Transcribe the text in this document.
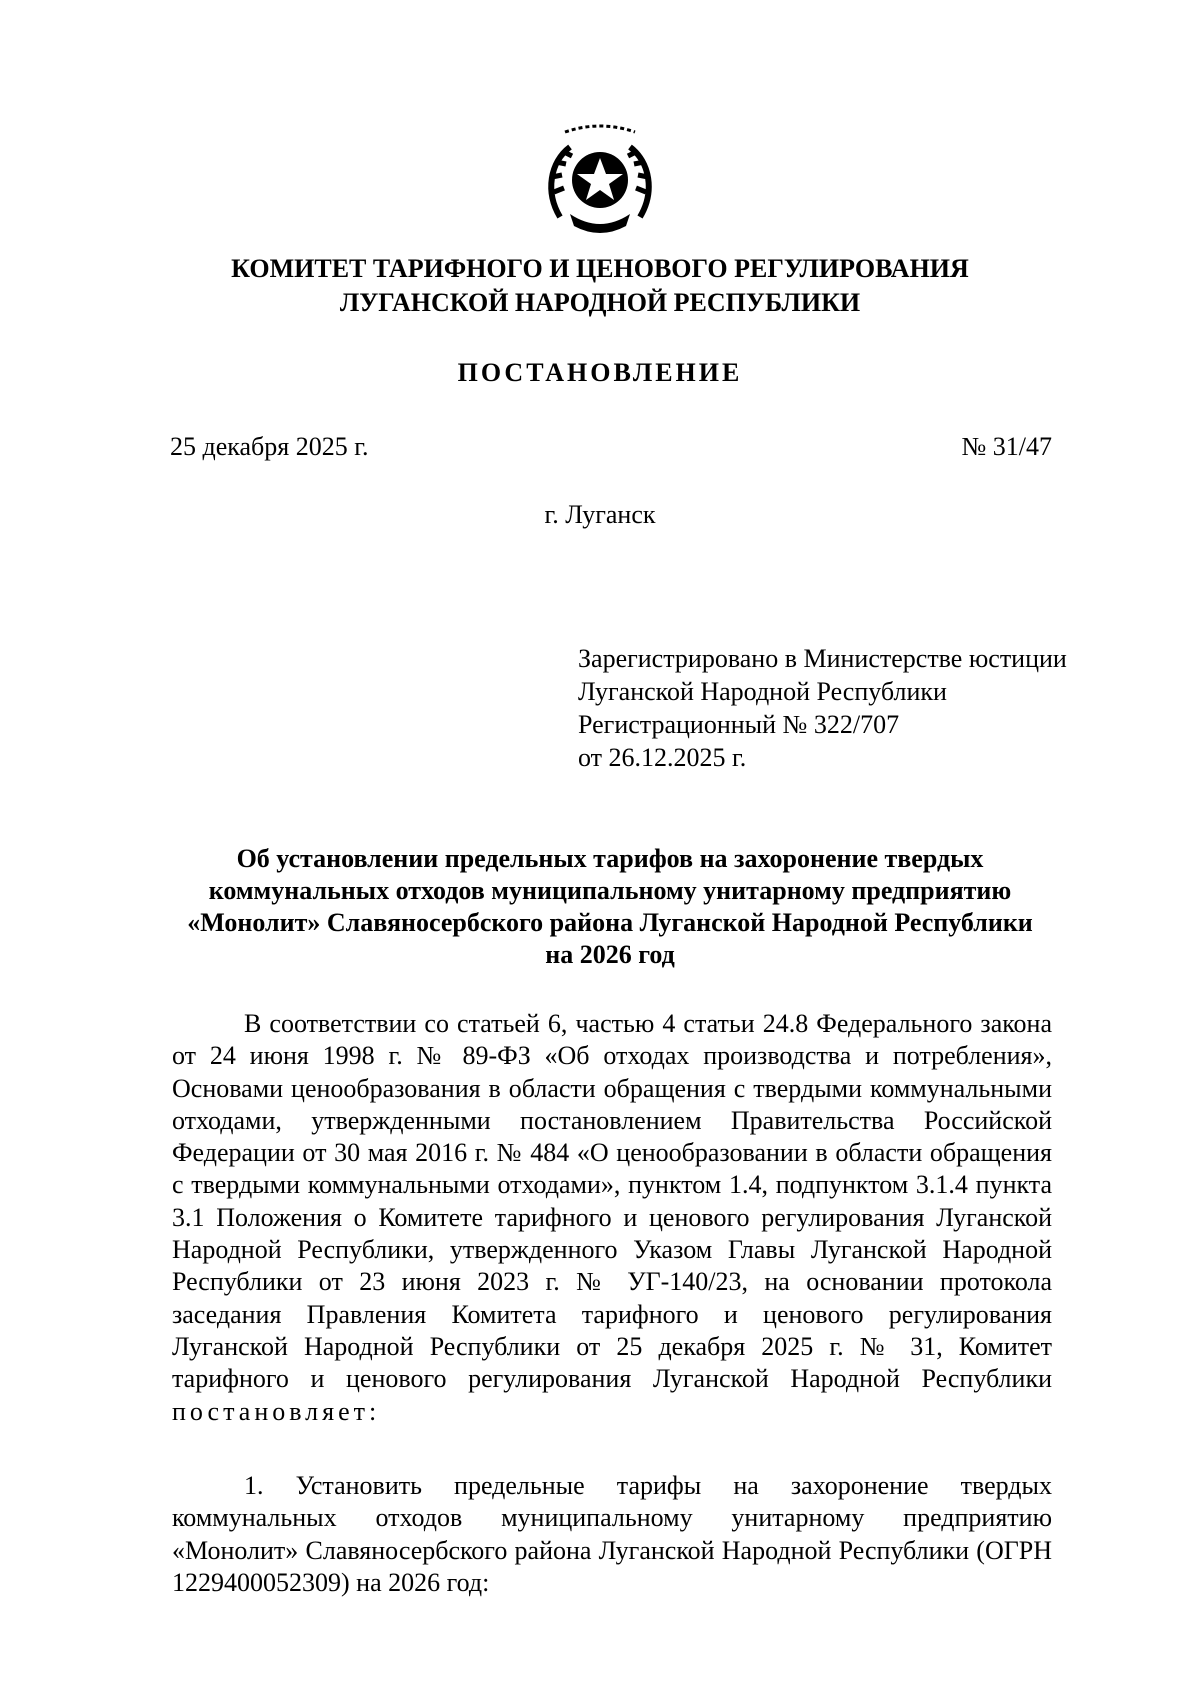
КОМИТЕТ ТАРИФНОГО И ЦЕНОВОГО РЕГУЛИРОВАНИЯ
ЛУГАНСКОЙ НАРОДНОЙ РЕСПУБЛИКИ
ПОСТАНОВЛЕНИЕ
25 декабря 2025 г.	№ 31/47
г. Луганск
Зарегистрировано в Министерстве юстиции
Луганской Народной Республики
Регистрационный № 322/707
от 26.12.2025 г.
Об установлении предельных тарифов на захоронение твердых
коммунальных отходов муниципальному унитарному предприятию
«Монолит» Славяносербского района Луганской Народной Республики
на 2026 год
В соответствии со статьей 6, частью 4 статьи 24.8 Федерального закона от 24 июня 1998 г. № 89-ФЗ «Об отходах производства и потребления», Основами ценообразования в области обращения с твердыми коммунальными отходами, утвержденными постановлением Правительства Российской Федерации от 30 мая 2016 г. № 484 «О ценообразовании в области обращения с твердыми коммунальными отходами», пунктом 1.4, подпунктом 3.1.4 пункта 3.1 Положения о Комитете тарифного и ценового регулирования Луганской Народной Республики, утвержденного Указом Главы Луганской Народной Республики от 23 июня 2023 г. № УГ-140/23, на основании протокола заседания Правления Комитета тарифного и ценового регулирования Луганской Народной Республики от 25 декабря 2025 г. № 31, Комитет тарифного и ценового регулирования Луганской Народной Республики постановляет:
1. Установить предельные тарифы на захоронение твердых коммунальных отходов муниципальному унитарному предприятию «Монолит» Славяносербского района Луганской Народной Республики (ОГРН 1229400052309) на 2026 год:
